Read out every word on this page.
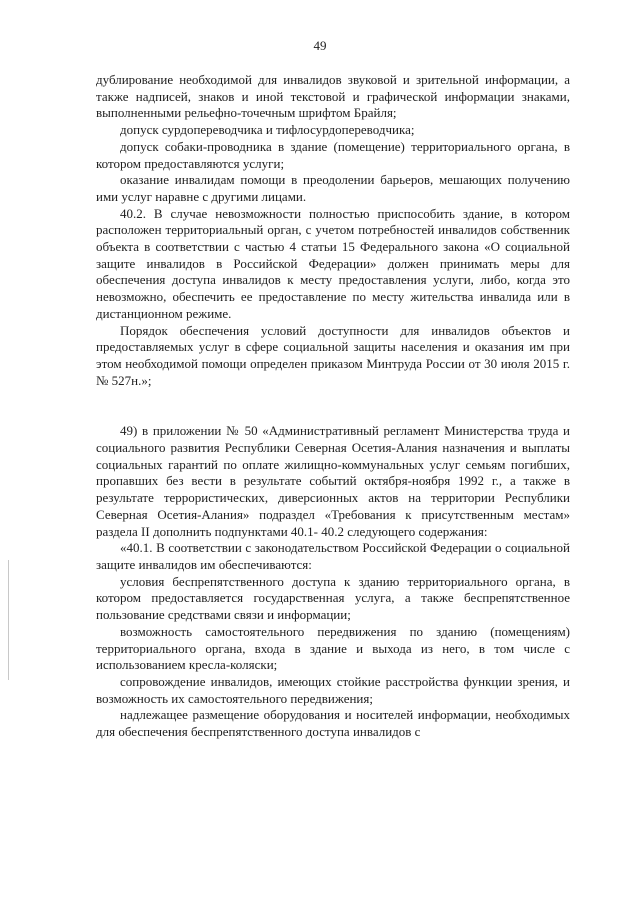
49

дублирование необходимой для инвалидов звуковой и зрительной информации, а также надписей, знаков и иной текстовой и графической информации знаками, выполненными рельефно-точечным шрифтом Брайля;

допуск сурдопереводчика и тифлосурдопереводчика;

допуск собаки-проводника в здание (помещение) территориального органа, в котором предоставляются услуги;

оказание инвалидам помощи в преодолении барьеров, мешающих получению ими услуг наравне с другими лицами.

40.2. В случае невозможности полностью приспособить здание, в котором расположен территориальный орган, с учетом потребностей инвалидов собственник объекта в соответствии с частью 4 статьи 15 Федерального закона «О социальной защите инвалидов в Российской Федерации» должен принимать меры для обеспечения доступа инвалидов к месту предоставления услуги, либо, когда это невозможно, обеспечить ее предоставление по месту жительства инвалида или в дистанционном режиме.

Порядок обеспечения условий доступности для инвалидов объектов и предоставляемых услуг в сфере социальной защиты населения и оказания им при этом необходимой помощи определен приказом Минтруда России от 30 июля 2015 г. № 527н.»;

49) в приложении № 50 «Административный регламент Министерства труда и социального развития Республики Северная Осетия-Алания назначения и выплаты социальных гарантий по оплате жилищно-коммунальных услуг семьям погибших, пропавших без вести в результате событий октября-ноября 1992 г., а также в результате террористических, диверсионных актов на территории Республики Северная Осетия-Алания» подраздел «Требования к присутственным местам» раздела II дополнить подпунктами 40.1- 40.2 следующего содержания:

«40.1. В соответствии с законодательством Российской Федерации о социальной защите инвалидов им обеспечиваются:

условия беспрепятственного доступа к зданию территориального органа, в котором предоставляется государственная услуга, а также беспрепятственное пользование средствами связи и информации;

возможность самостоятельного передвижения по зданию (помещениям) территориального органа, входа в здание и выхода из него, в том числе с использованием кресла-коляски;

сопровождение инвалидов, имеющих стойкие расстройства функции зрения, и возможность их самостоятельного передвижения;

надлежащее размещение оборудования и носителей информации, необходимых для обеспечения беспрепятственного доступа инвалидов с
